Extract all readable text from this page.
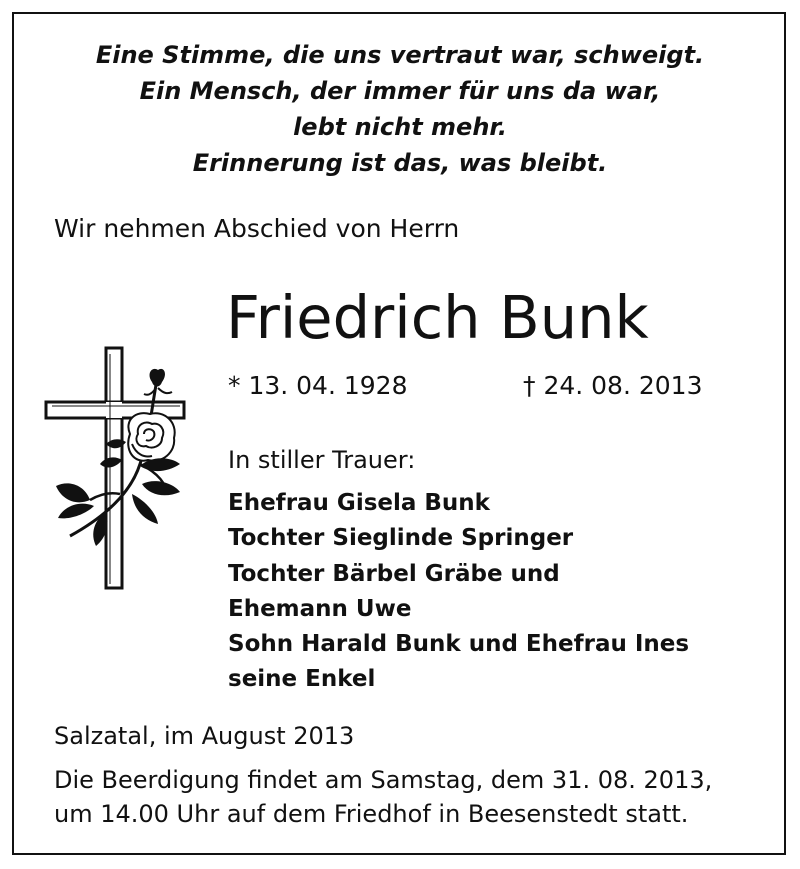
Eine Stimme, die uns vertraut war, schweigt.
Ein Mensch, der immer für uns da war,
lebt nicht mehr.
Erinnerung ist das, was bleibt.
Wir nehmen Abschied von Herrn
Friedrich Bunk
* 13. 04. 1928	† 24. 08. 2013
In stiller Trauer:
Ehefrau Gisela Bunk
Tochter Sieglinde Springer
Tochter Bärbel Gräbe und
Ehemann Uwe
Sohn Harald Bunk und Ehefrau Ines
seine Enkel
Salzatal, im August 2013
Die Beerdigung findet am Samstag, dem 31. 08. 2013,
um 14.00 Uhr auf dem Friedhof in Beesenstedt statt.
